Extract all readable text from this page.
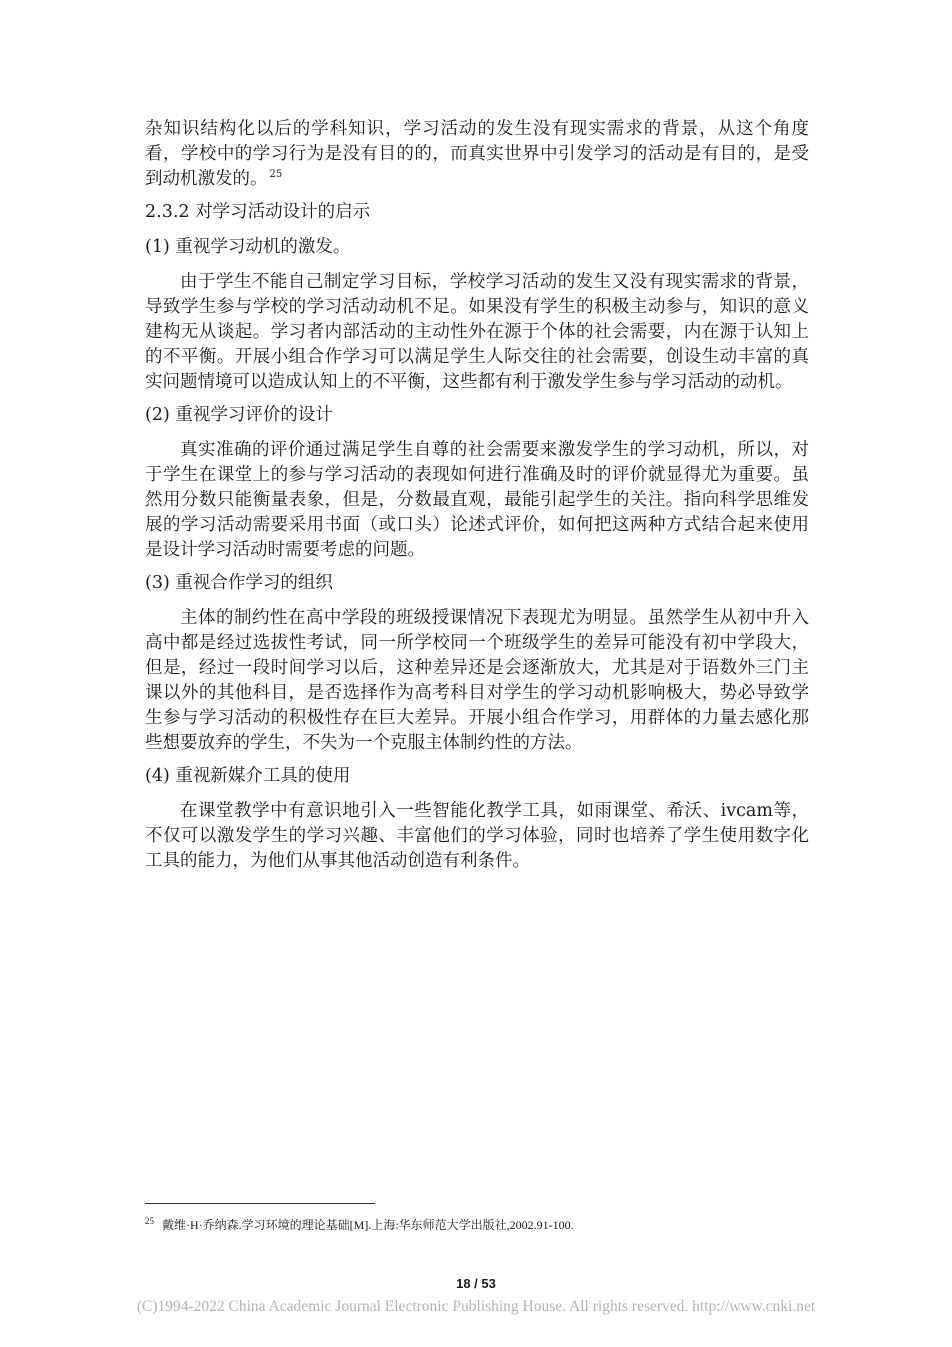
杂知识结构化以后的学科知识，学习活动的发生没有现实需求的背景，从这个角度看，学校中的学习行为是没有目的的，而真实世界中引发学习的活动是有目的，是受到动机激发的。 $^{25}$

2.3.2 对学习活动设计的启示

(1) 重视学习动机的激发。

由于学生不能自己制定学习目标，学校学习活动的发生又没有现实需求的背景，导致学生参与学校的学习活动动机不足。如果没有学生的积极主动参与，知识的意义建构无从谈起。学习者内部活动的主动性外在源于个体的社会需要，内在源于认知上的不平衡。开展小组合作学习可以满足学生人际交往的社会需要，创设生动丰富的真实问题情境可以造成认知上的不平衡，这些都有利于激发学生参与学习活动的动机。

(2) 重视学习评价的设计

真实准确的评价通过满足学生自尊的社会需要来激发学生的学习动机，所以，对于学生在课堂上的参与学习活动的表现如何进行准确及时的评价就显得尤为重要。虽然用分数只能衡量表象，但是，分数最直观，最能引起学生的关注。指向科学思维发展的学习活动需要采用书面（或口头）论述式评价，如何把这两种方式结合起来使用是设计学习活动时需要考虑的问题。

(3) 重视合作学习的组织

主体的制约性在高中学段的班级授课情况下表现尤为明显。虽然学生从初中升入高中都是经过选拔性考试，同一所学校同一个班级学生的差异可能没有初中学段大，但是，经过一段时间学习以后，这种差异还是会逐渐放大，尤其是对于语数外三门主课以外的其他科目，是否选择作为高考科目对学生的学习动机影响极大，势必导致学生参与学习活动的积极性存在巨大差异。开展小组合作学习，用群体的力量去感化那些想要放弃的学生，不失为一个克服主体制约性的方法。

(4) 重视新媒介工具的使用

在课堂教学中有意识地引入一些智能化教学工具，如雨课堂、希沃、ivcam等，不仅可以激发学生的学习兴趣、丰富他们的学习体验，同时也培养了学生使用数字化工具的能力，为他们从事其他活动创造有利条件。

$^{25}$ 戴维·H·乔纳森.学习环境的理论基础[M].上海:华东师范大学出版社,2002.91-100.
18 / 53
(C)1994-2022 China Academic Journal Electronic Publishing House. All rights reserved. http://www.cnki.net
